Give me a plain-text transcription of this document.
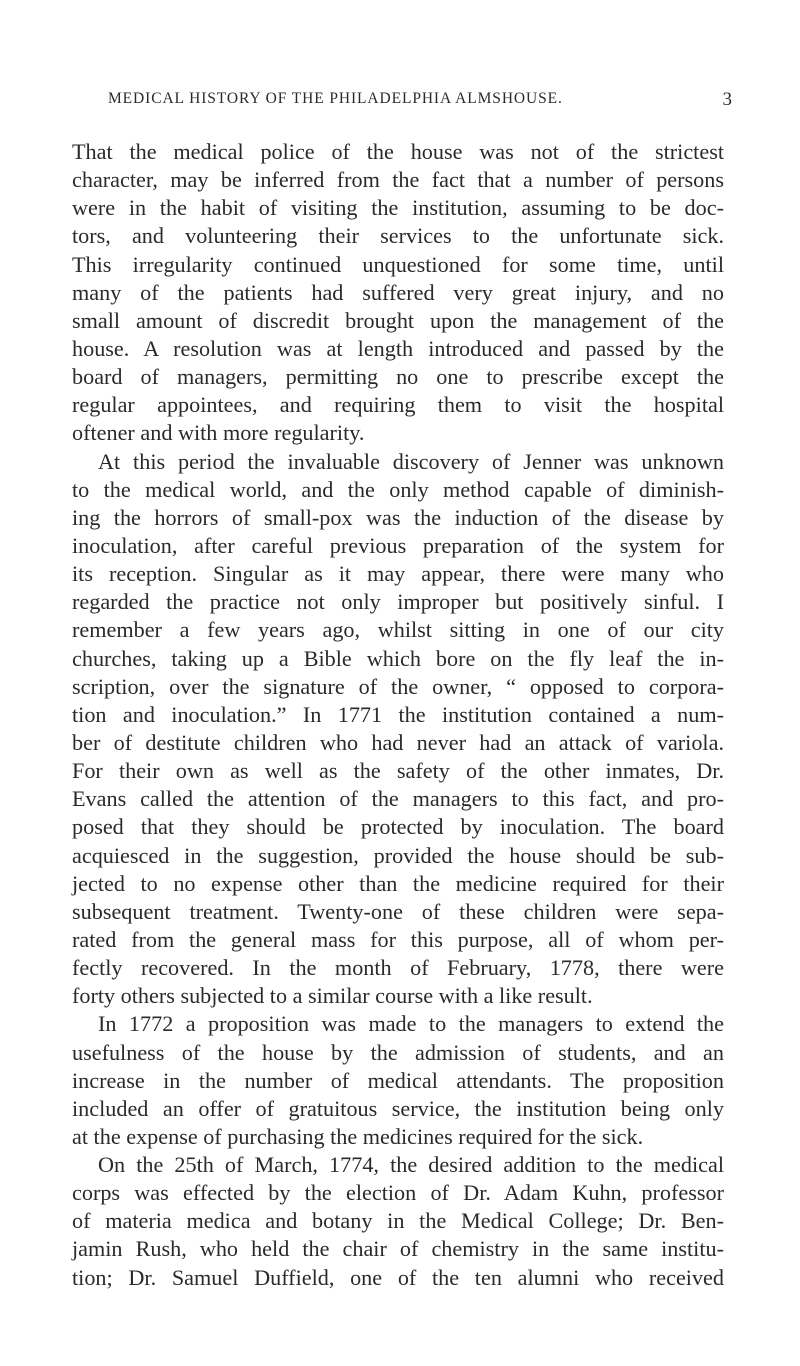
MEDICAL HISTORY OF THE PHILADELPHIA ALMSHOUSE.	3
That the medical police of the house was not of the strictest
character, may be inferred from the fact that a number of persons
were in the habit of visiting the institution, assuming to be doc-
tors, and volunteering their services to the unfortunate sick.
This irregularity continued unquestioned for some time, until
many of the patients had suffered very great injury, and no
small amount of discredit brought upon the management of the
house. A resolution was at length introduced and passed by the
board of managers, permitting no one to prescribe except the
regular appointees, and requiring them to visit the hospital
oftener and with more regularity.
At this period the invaluable discovery of Jenner was unknown
to the medical world, and the only method capable of diminish-
ing the horrors of small-pox was the induction of the disease by
inoculation, after careful previous preparation of the system for
its reception. Singular as it may appear, there were many who
regarded the practice not only improper but positively sinful. I
remember a few years ago, whilst sitting in one of our city
churches, taking up a Bible which bore on the fly leaf the in-
scription, over the signature of the owner, “ opposed to corpora-
tion and inoculation.” In 1771 the institution contained a num-
ber of destitute children who had never had an attack of variola.
For their own as well as the safety of the other inmates, Dr.
Evans called the attention of the managers to this fact, and pro-
posed that they should be protected by inoculation. The board
acquiesced in the suggestion, provided the house should be sub-
jected to no expense other than the medicine required for their
subsequent treatment. Twenty-one of these children were sepa-
rated from the general mass for this purpose, all of whom per-
fectly recovered. In the month of February, 1778, there were
forty others subjected to a similar course with a like result.
In 1772 a proposition was made to the managers to extend the
usefulness of the house by the admission of students, and an
increase in the number of medical attendants. The proposition
included an offer of gratuitous service, the institution being only
at the expense of purchasing the medicines required for the sick.
On the 25th of March, 1774, the desired addition to the medical
corps was effected by the election of Dr. Adam Kuhn, professor
of materia medica and botany in the Medical College; Dr. Ben-
jamin Rush, who held the chair of chemistry in the same institu-
tion; Dr. Samuel Duffield, one of the ten alumni who received
